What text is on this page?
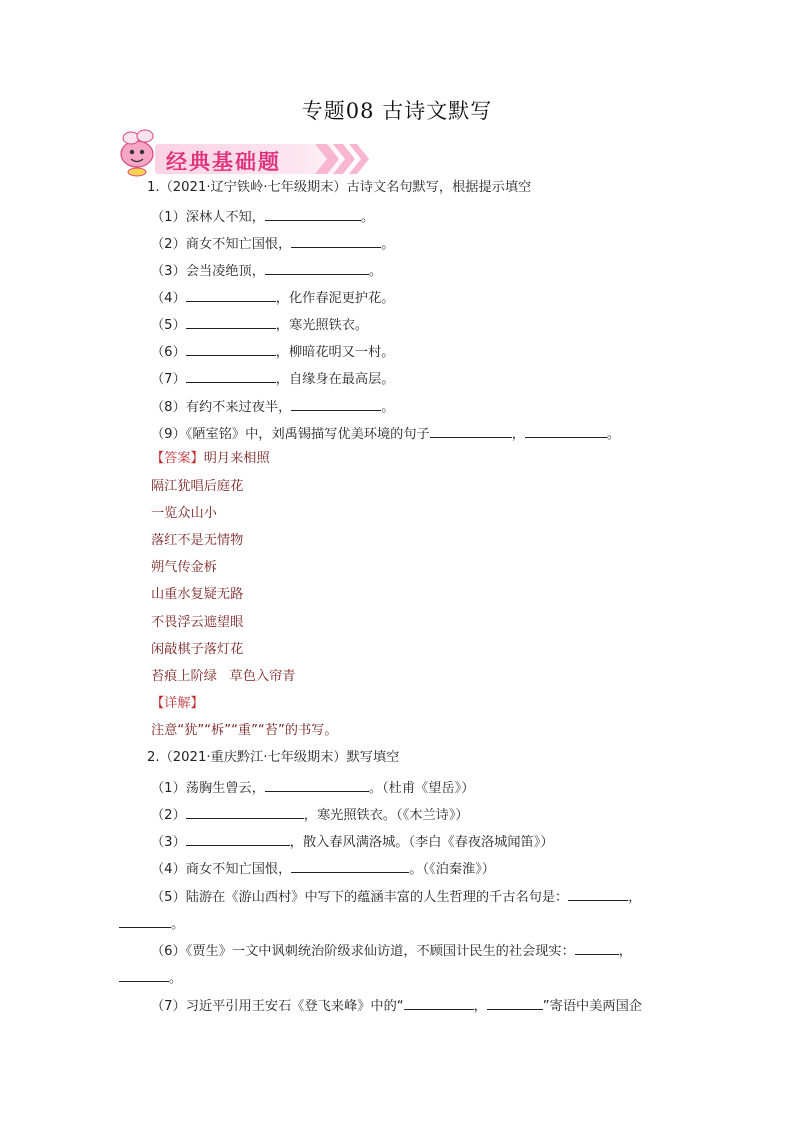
专题08 古诗文默写
经典基础题
1.（2021·辽宁铁岭·七年级期末）古诗文名句默写，根据提示填空
（1）深林人不知，	。
（2）商女不知亡国恨，	。
（3）会当凌绝顶，	。
（4）	，化作春泥更护花。
（5）	，寒光照铁衣。
（6）	，柳暗花明又一村。
（7）	，自缘身在最高层。
（8）有约不来过夜半，	。
（9）《陋室铭》中，刘禹锡描写优美环境的句子	，	。
【答案】明月来相照
隔江犹唱后庭花
一览众山小
落红不是无情物
朔气传金柝
山重水复疑无路
不畏浮云遮望眼
闲敲棋子落灯花
苔痕上阶绿   草色入帘青
【详解】
注意“犹”“柝”“重”“苔”的书写。
2.（2021·重庆黔江·七年级期末）默写填空
（1）荡胸生曾云，	。（杜甫《望岳》）
（2）	，寒光照铁衣。（《木兰诗》）
（3）	，散入春风满洛城。（李白《春夜洛城闻笛》）
（4）商女不知亡国恨，	。（《泊秦淮》）
（5）陆游在《游山西村》中写下的蕴涵丰富的人生哲理的千古名句是：	，
。
（6）《贾生》一文中讽刺统治阶级求仙访道，不顾国计民生的社会现实：	，
。
（7）习近平引用王安石《登飞来峰》中的“	，	”寄语中美两国企
